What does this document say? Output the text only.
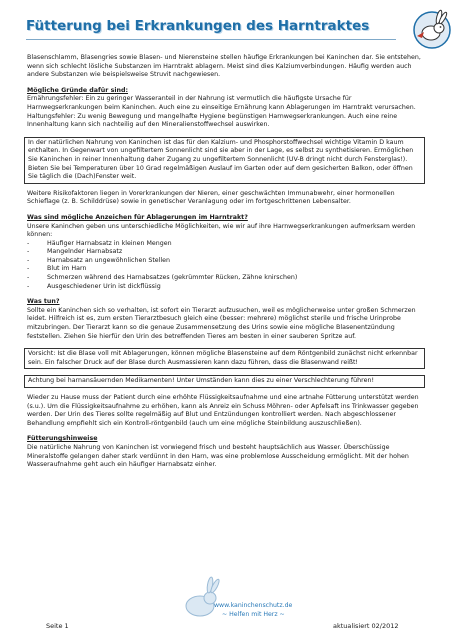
Fütterung bei Erkrankungen des Harntraktes

Blasenschlamm, Blasengries sowie Blasen- und Nierensteine stellen häufige Erkrankungen bei Kaninchen dar. Sie entstehen, wenn sich schlecht lösliche Substanzen im Harntrakt ablagern. Meist sind dies Kalziumverbindungen. Häufig werden auch andere Substanzen wie beispielsweise Struvit nachgewiesen.

Mögliche Gründe dafür sind:
Ernährungsfehler: Ein zu geringer Wasseranteil in der Nahrung ist vermutlich die häufigste Ursache für Harnwegserkrankungen beim Kaninchen. Auch eine zu einseitige Ernährung kann Ablagerungen im Harntrakt verursachen.

Haltungsfehler: Zu wenig Bewegung und mangelhafte Hygiene begünstigen Harnwegserkrankungen. Auch eine reine Innenhaltung kann sich nachteilig auf den Mineralienstoffwechsel auswirken.

In der natürlichen Nahrung von Kaninchen ist das für den Kalzium- und Phosphorstoffwechsel wichtige Vitamin D kaum enthalten. In Gegenwart von ungefiltertem Sonnenlicht sind sie aber in der Lage, es selbst zu synthetisieren. Ermöglichen Sie Kaninchen in reiner Innenhaltung daher Zugang zu ungefiltertem Sonnenlicht (UV-B dringt nicht durch Fensterglas!). Bieten Sie bei Temperaturen über 10 Grad regelmäßigen Auslauf im Garten oder auf dem gesicherten Balkon, oder öffnen Sie täglich die (Dach)Fenster weit.

Weitere Risikofaktoren liegen in Vorerkrankungen der Nieren, einer geschwächten Immunabwehr, einer hormonellen Schieflage (z. B. Schilddrüse) sowie in genetischer Veranlagung oder im fortgeschrittenen Lebensalter.

Was sind mögliche Anzeichen für Ablagerungen im Harntrakt?
Unsere Kaninchen geben uns unterschiedliche Möglichkeiten, wie wir auf ihre Harnwegserkrankungen aufmerksam werden können:
- Häufiger Harnabsatz in kleinen Mengen
- Mangelnder Harnabsatz
- Harnabsatz an ungewöhnlichen Stellen
- Blut im Harn
- Schmerzen während des Harnabsatzes (gekrümmter Rücken, Zähne knirschen)
- Ausgeschiedener Urin ist dickflüssig
Was tun?

Sollte ein Kaninchen sich so verhalten, ist sofort ein Tierarzt aufzusuchen, weil es möglicherweise unter großen Schmerzen leidet. Hilfreich ist es, zum ersten Tierarztbesuch gleich eine (besser: mehrere) möglichst sterile und frische Urinprobe mitzubringen. Der Tierarzt kann so die genaue Zusammensetzung des Urins sowie eine mögliche Blasenentzündung feststellen. Ziehen Sie hierfür den Urin des betreffenden Tieres am besten in einer sauberen Spritze auf.

Vorsicht: Ist die Blase voll mit Ablagerungen, können mögliche Blasensteine auf dem Röntgenbild zunächst nicht erkennbar sein. Ein falscher Druck auf der Blase durch Ausmassieren kann dazu führen, dass die Blasenwand reißt!
Achtung bei harnansäuernden Medikamenten! Unter Umständen kann dies zu einer Verschlechterung führen!

Wieder zu Hause muss der Patient durch eine erhöhte Flüssigkeitsaufnahme und eine artnahe Fütterung unterstützt werden (s.u.). Um die Flüssigkeitsaufnahme zu erhöhen, kann als Anreiz ein Schuss Möhren- oder Apfelsaft ins Trinkwasser gegeben werden. Der Urin des Tieres sollte regelmäßig auf Blut und Entzündungen kontrolliert werden. Nach abgeschlossener Behandlung empfiehlt sich ein Kontroll-röntgenbild (auch um eine mögliche Steinbildung auszuschließen).

Fütterungshinweise

Die natürliche Nahrung von Kaninchen ist vorwiegend frisch und besteht hauptsächlich aus Wasser. Überschüssige Mineralstoffe gelangen daher stark verdünnt in den Harn, was eine problemlose Ausscheidung ermöglicht. Mit der hohen Wasseraufnahme geht auch ein häufiger Harnabsatz einher.

www.kaninchenschutz.de
~ Helfen mit Herz ~
Seite 1	aktualisiert 02/2012
